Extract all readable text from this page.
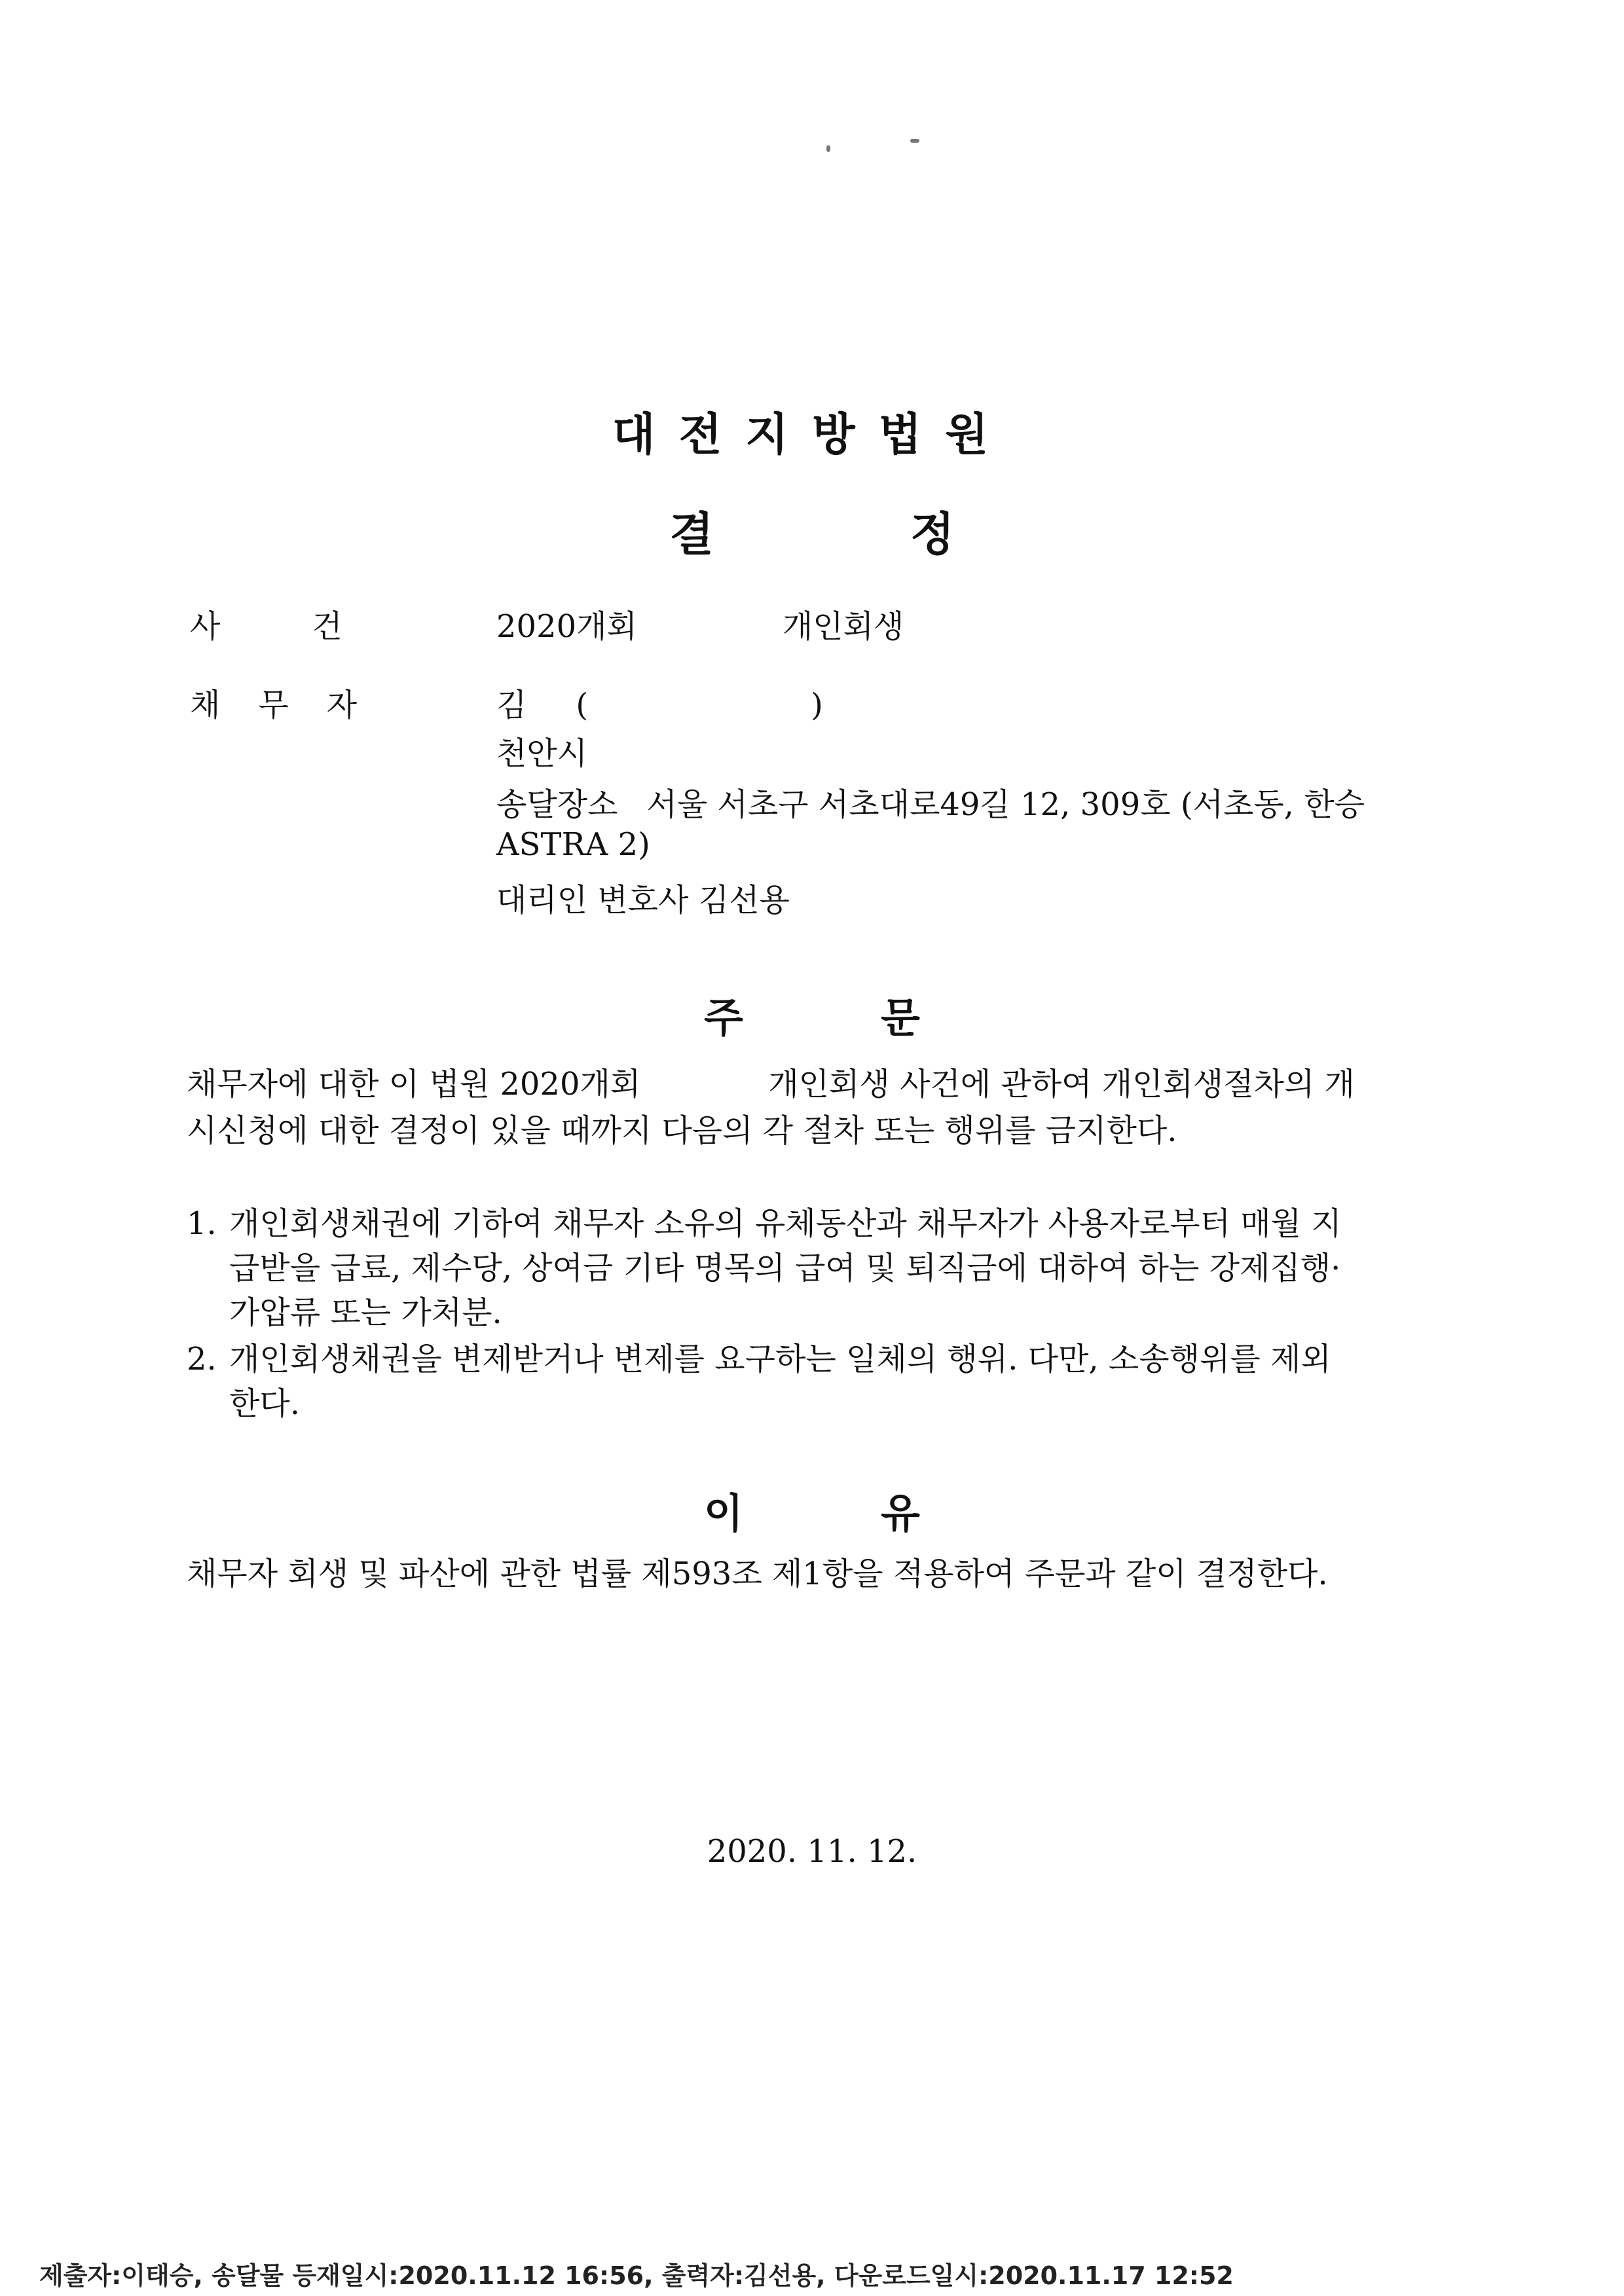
대전지방법원
결	정
사	건	2020개회	개인회생
채 무 자	김 (	)
천안시
송달장소 서울 서초구 서초대로49길 12, 309호 (서초동, 한승
ASTRA 2)
대리인 변호사 김선용
주	문
채무자에 대한 이 법원 2020개회	개인회생 사건에 관하여 개인회생절차의 개
시신청에 대한 결정이 있을 때까지 다음의 각 절차 또는 행위를 금지한다.
1. 개인회생채권에 기하여 채무자 소유의 유체동산과 채무자가 사용자로부터 매월 지
급받을 급료, 제수당, 상여금 기타 명목의 급여 및 퇴직금에 대하여 하는 강제집행·
가압류 또는 가처분.
2. 개인회생채권을 변제받거나 변제를 요구하는 일체의 행위. 다만, 소송행위를 제외
한다.
이	유
채무자 회생 및 파산에 관한 법률 제593조 제1항을 적용하여 주문과 같이 결정한다.
2020. 11. 12.
제출자:이태승, 송달물 등재일시:2020.11.12 16:56, 출력자:김선용, 다운로드일시:2020.11.17 12:52
